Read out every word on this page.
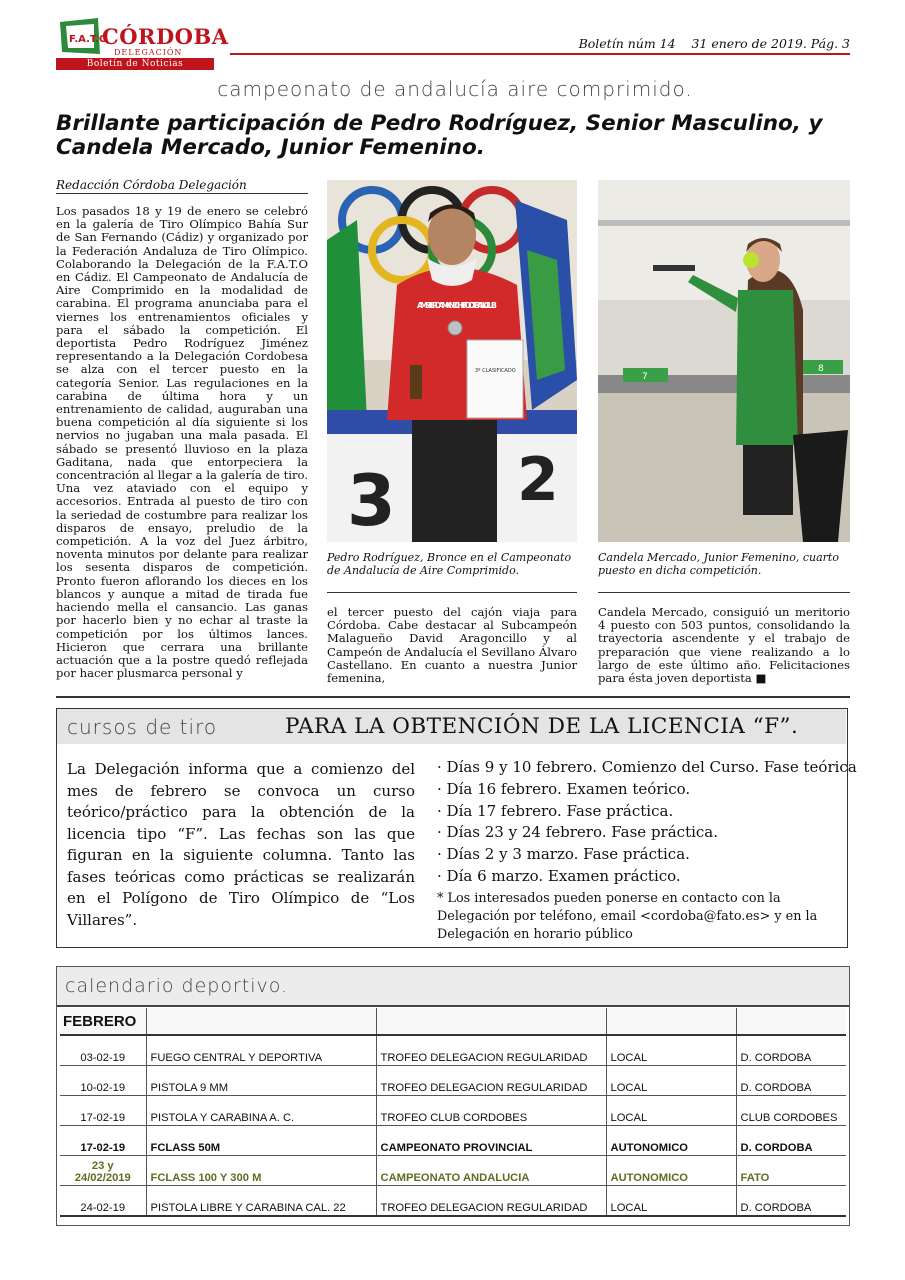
F.A.T.O
CÓRDOBA
DELEGACIÓN
Boletín de Noticias
Boletín núm 14    31 enero de 2019. Pág. 3
campeonato de andalucía aire comprimido.
Brillante participación de Pedro Rodríguez, Senior Masculino, y Candela Mercado, Junior Femenino.
Redacción Córdoba Delegación
Los pasados 18 y 19 de enero se celebró en la galería de Tiro Olímpico Bahía Sur de San Fernando (Cádiz) y organizado por la Federación Andaluza de Tiro Olímpico. Colaborando la Delegación de la F.A.T.O en Cádiz. El Campeonato de Andalucía de Aire Comprimido en la modalidad de carabina. El programa anunciaba para el viernes los entrenamientos oficiales y para el sábado la competición. El deportista Pedro Rodríguez Jiménez representando a la Delegación Cordobesa se alza con el tercer puesto en la categoría Senior. Las regulaciones en la carabina de última hora y un entrenamiento de calidad, auguraban una buena competición al día siguiente si los nervios no jugaban una mala pasada. El sábado se presentó lluvioso en la plaza Gaditana, nada que entorpeciera la concentración al llegar a la galería de tiro. Una vez ataviado con el equipo y accesorios. Entrada al puesto de tiro con la seriedad de costumbre para realizar los disparos de ensayo, preludio de la competición. A la voz del Juez árbitro, noventa minutos por delante para realizar los sesenta disparos de competición. Pronto fueron aflorando los dieces en los blancos y aunque a mitad de tirada fue haciendo mella el cansancio. Las ganas por hacerlo bien y no echar al traste la competición por los últimos lances. Hicieron que cerrara una brillante actuación que a la postre quedó reflejada por hacer plusmarca personal y
3 2
AMSTERDAM KNECHE FOOTBALL CLUB
3º CLASIFICADO
7
8
Pedro Rodríguez, Bronce en el Campeonato de Andalucía de Aire Comprimido.
Candela Mercado, Junior Femenino, cuarto puesto en dicha competición.
el tercer puesto del cajón viaja para Córdoba. Cabe destacar al Subcampeón Malagueño David Aragoncillo y al Campeón de Andalucía el Sevillano Álvaro Castellano. En cuanto a nuestra Junior femenina,
Candela Mercado, consiguió un meritorio 4 puesto con 503 puntos, consolidando la trayectoria ascendente y el trabajo de preparación que viene realizando a lo largo de este último año. Felicitaciones para ésta joven deportista ■
cursos de tiro	PARA LA OBTENCIÓN DE LA LICENCIA “F”.
La Delegación informa que a comienzo del mes de febrero se convoca un curso teórico/práctico para la obtención de la licencia tipo “F”. Las fechas son las que figuran en la siguiente columna. Tanto las fases teóricas como prácticas se realizarán en el Polígono de Tiro Olímpico de “Los Villares”.
· Días 9 y 10 febrero. Comienzo del Curso. Fase teórica
· Día 16 febrero. Examen teórico.
· Día 17 febrero. Fase práctica.
· Días 23 y 24 febrero. Fase práctica.
· Días 2 y 3 marzo. Fase práctica.
· Día 6 marzo. Examen práctico.
* Los interesados pueden ponerse en contacto con la Delegación por teléfono, email <cordoba@fato.es> y en la Delegación en horario público
calendario deportivo.
FEBRERO				
03-02-19	FUEGO CENTRAL Y DEPORTIVA	TROFEO DELEGACION REGULARIDAD	LOCAL	D. CORDOBA
10-02-19	PISTOLA 9 MM	TROFEO DELEGACION REGULARIDAD	LOCAL	D. CORDOBA
17-02-19	PISTOLA Y CARABINA A. C.	TROFEO CLUB CORDOBES	LOCAL	CLUB CORDOBES
17-02-19	FCLASS 50M	CAMPEONATO PROVINCIAL	AUTONOMICO	D. CORDOBA
23 y 24/02/2019	FCLASS 100 Y 300 M	CAMPEONATO ANDALUCIA	AUTONOMICO	FATO
24-02-19	PISTOLA LIBRE Y CARABINA CAL. 22	TROFEO DELEGACION REGULARIDAD	LOCAL	D. CORDOBA
